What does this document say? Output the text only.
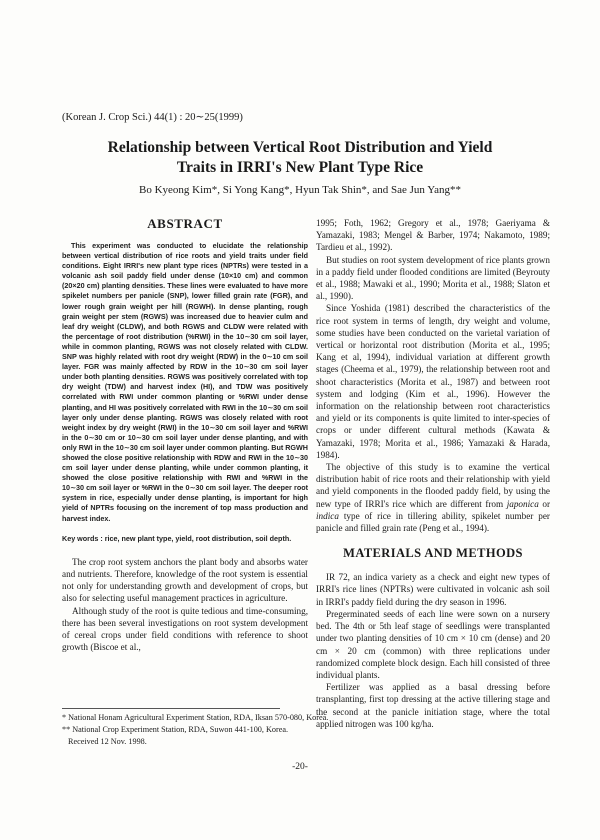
(Korean J. Crop Sci.) 44(1) : 20∼25(1999)
Relationship between Vertical Root Distribution and Yield
Traits in IRRI's New Plant Type Rice
Bo Kyeong Kim*, Si Yong Kang*, Hyun Tak Shin*, and Sae Jun Yang**
ABSTRACT

This experiment was conducted to elucidate the relationship between vertical distribution of rice roots and yield traits under field conditions. Eight IRRI's new plant type rices (NPTRs) were tested in a volcanic ash soil paddy field under dense (10×10 cm) and common (20×20 cm) planting densities. These lines were evaluated to have more spikelet numbers per panicle (SNP), lower filled grain rate (FGR), and lower rough grain weight per hill (RGWH). In dense planting, rough grain weight per stem (RGWS) was increased due to heavier culm and leaf dry weight (CLDW), and both RGWS and CLDW were related with the percentage of root distribution (%RWI) in the 10∼30 cm soil layer, while in common planting, RGWS was not closely related with CLDW. SNP was highly related with root dry weight (RDW) in the 0∼10 cm soil layer. FGR was mainly affected by RDW in the 10∼30 cm soil layer under both planting densities. RGWS was positively correlated with top dry weight (TDW) and harvest index (HI), and TDW was positively correlated with RWI under common planting or %RWI under dense planting, and HI was positively correlated with RWI in the 10∼30 cm soil layer only under dense planting. RGWS was closely related with root weight index by dry weight (RWI) in the 10∼30 cm soil layer and %RWI in the 0∼30 cm or 10∼30 cm soil layer under dense planting, and with only RWI in the 10∼30 cm soil layer under common planting. But RGWH showed the close positive relationship with RDW and RWI in the 10∼30 cm soil layer under dense planting, while under common planting, it showed the close positive relationship with RWI and %RWI in the 10∼30 cm soil layer or %RWI in the 0∼30 cm soil layer. The deeper root system in rice, especially under dense planting, is important for high yield of NPTRs focusing on the increment of top mass production and harvest index.

Key words : rice, new plant type, yield, root distribution, soil depth.

The crop root system anchors the plant body and absorbs water and nutrients. Therefore, knowledge of the root system is essential not only for understanding growth and development of crops, but also for selecting useful management practices in agriculture.

Although study of the root is quite tedious and time-consuming, there has been several investigations on root system development of cereal crops under field conditions with reference to shoot growth (Biscoe et al.,

1995; Foth, 1962; Gregory et al., 1978; Gaeriyama & Yamazaki, 1983; Mengel & Barber, 1974; Nakamoto, 1989; Tardieu et al., 1992).

But studies on root system development of rice plants grown in a paddy field under flooded conditions are limited (Beyrouty et al., 1988; Mawaki et al., 1990; Morita et al., 1988; Slaton et al., 1990).

Since Yoshida (1981) described the characteristics of the rice root system in terms of length, dry weight and volume, some studies have been conducted on the varietal variation of vertical or horizontal root distribution (Morita et al., 1995; Kang et al, 1994), individual variation at different growth stages (Cheema et al., 1979), the relationship between root and shoot characteristics (Morita et al., 1987) and between root system and lodging (Kim et al., 1996). However the information on the relationship between root characteristics and yield or its components is quite limited to inter-species of crops or under different cultural methods (Kawata & Yamazaki, 1978; Morita et al., 1986; Yamazaki & Harada, 1984).

The objective of this study is to examine the vertical distribution habit of rice roots and their relationship with yield and yield components in the flooded paddy field, by using the new type of IRRI's rice which are different from japonica or indica type of rice in tillering ability, spikelet number per panicle and filled grain rate (Peng et al., 1994).

MATERIALS AND METHODS

IR 72, an indica variety as a check and eight new types of IRRI's rice lines (NPTRs) were cultivated in volcanic ash soil in IRRI's paddy field during the dry season in 1996.

Pregerminated seeds of each line were sown on a nursery bed. The 4th or 5th leaf stage of seedlings were transplanted under two planting densities of 10 cm × 10 cm (dense) and 20 cm × 20 cm (common) with three replications under randomized complete block design. Each hill consisted of three individual plants.

Fertilizer was applied as a basal dressing before transplanting, first top dressing at the active tillering stage and the second at the panicle initiation stage, where the total applied nitrogen was 100 kg/ha.

* National Honam Agricultural Experiment Station, RDA, Iksan 570-080, Korea.
** National Crop Experiment Station, RDA, Suwon 441-100, Korea.
Received 12 Nov. 1998.
-20-
